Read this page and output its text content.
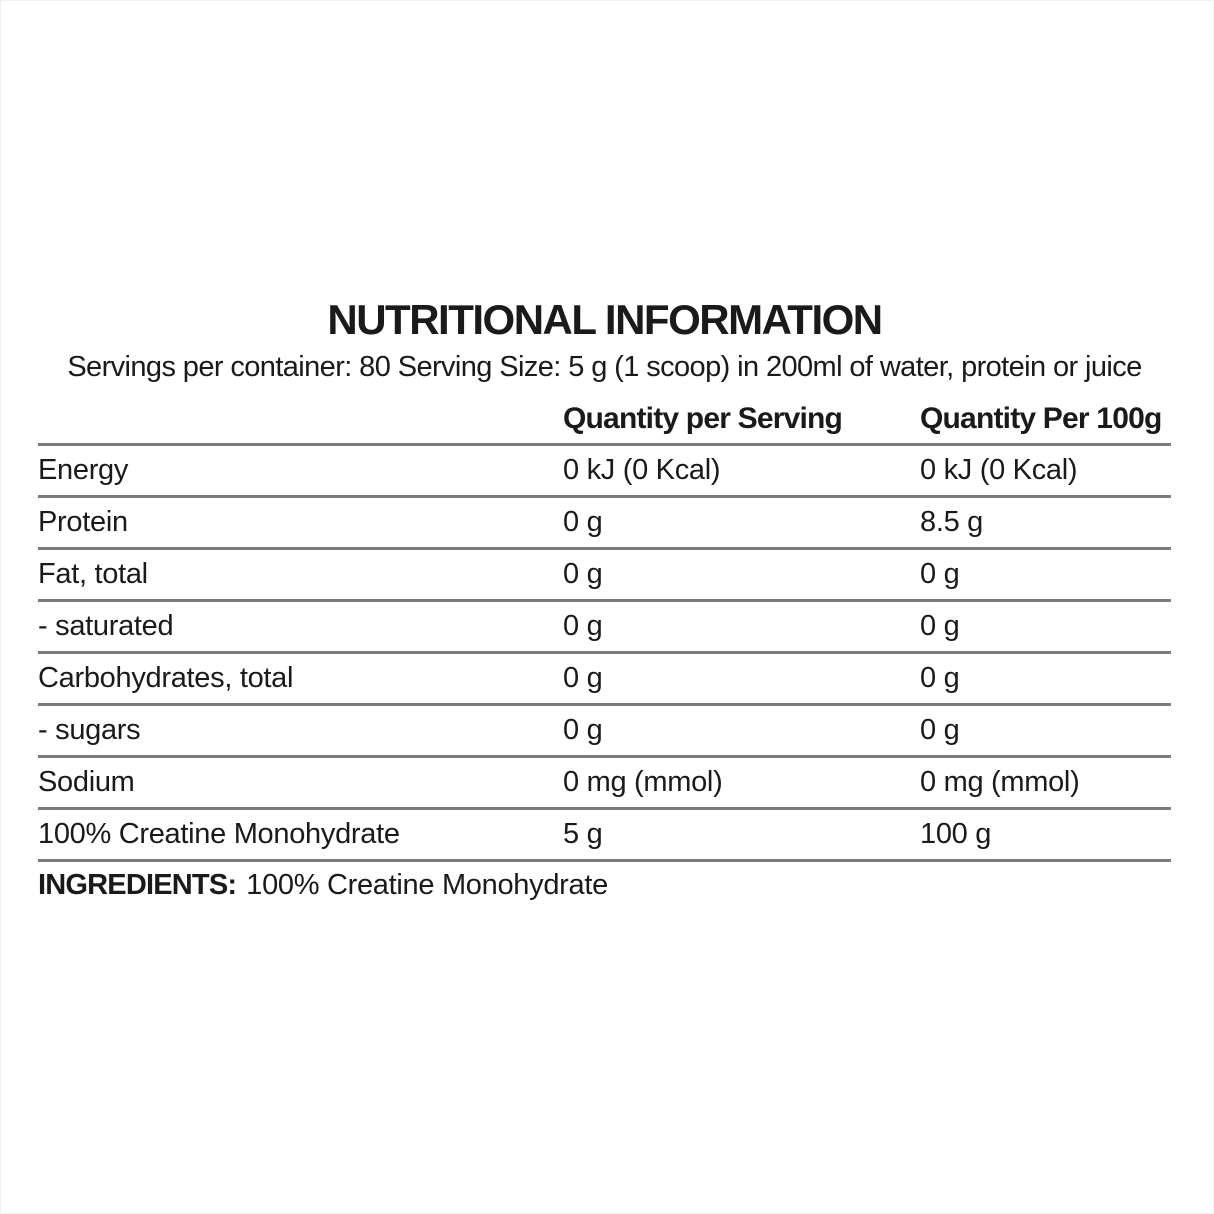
NUTRITIONAL INFORMATION

Servings per container: 80 Serving Size: 5 g (1 scoop) in 200ml of water, protein or juice

	Quantity per Serving	Quantity Per 100g
Energy	0 kJ (0 Kcal)	0 kJ (0 Kcal)
Protein	0 g	8.5 g
Fat, total	0 g	0 g
- saturated	0 g	0 g
Carbohydrates, total	0 g	0 g
- sugars	0 g	0 g
Sodium	0 mg (mmol)	0 mg (mmol)
100% Creatine Monohydrate	5 g	100 g

INGREDIENTS: 100% Creatine Monohydrate
